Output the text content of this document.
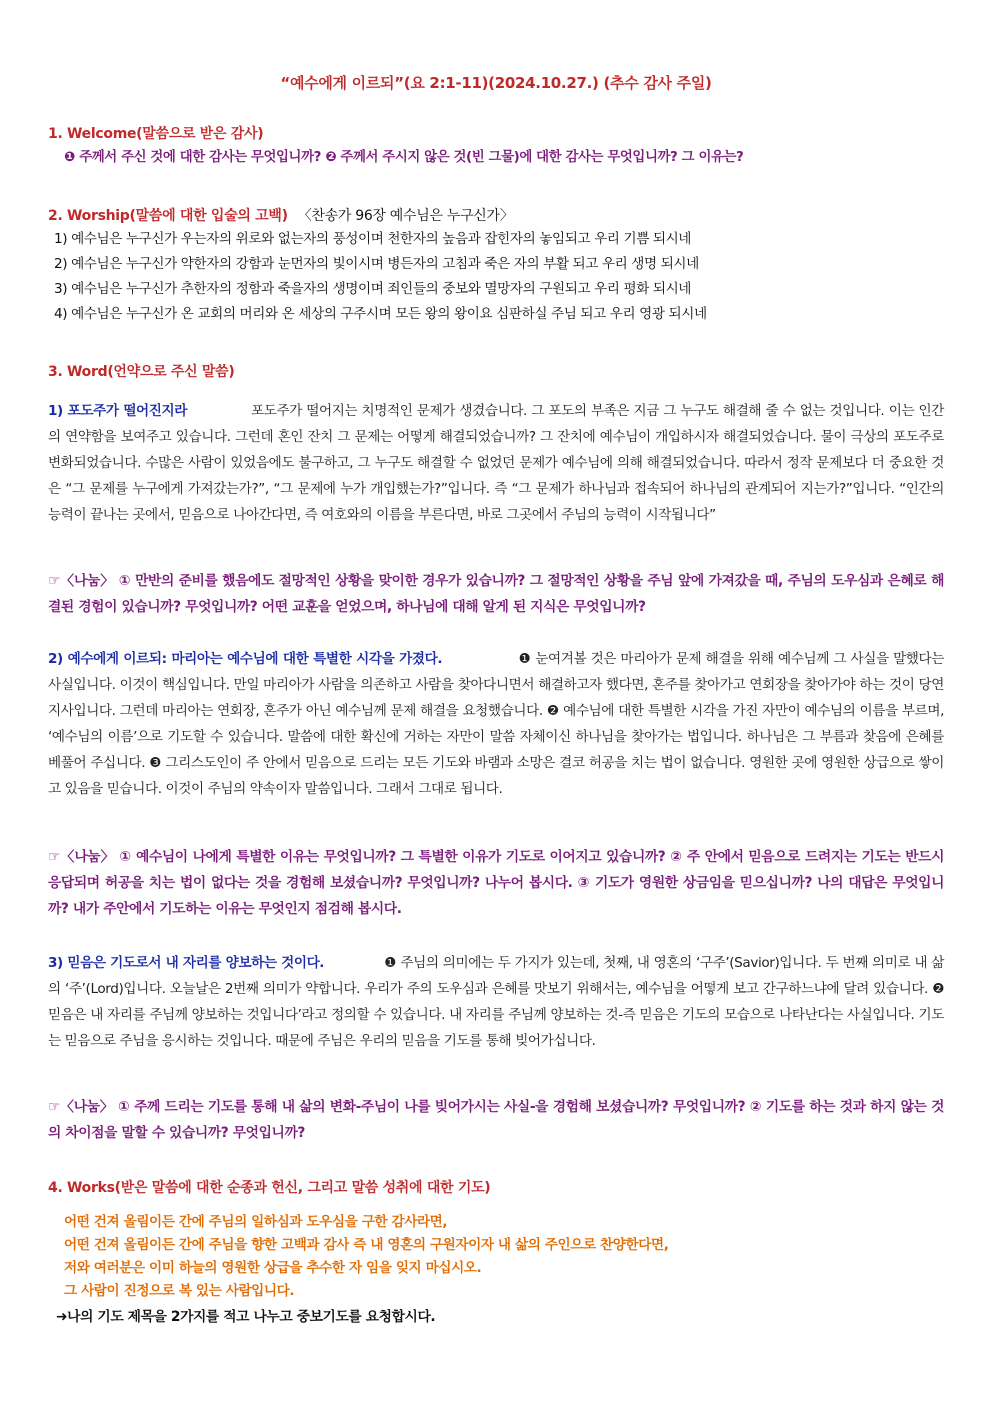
“예수에게 이르되”(요 2:1-11)(2024.10.27.) (추수 감사 주일)
1. Welcome(말씀으로 받은 감사)
❶ 주께서 주신 것에 대한 감사는 무엇입니까? ❷ 주께서 주시지 않은 것(빈 그물)에 대한 감사는 무엇입니까? 그 이유는?
2. Worship(말씀에 대한 입술의 고백) 〈찬송가 96장 예수님은 누구신가〉
1) 예수님은 누구신가 우는자의 위로와 없는자의 풍성이며 천한자의 높음과 잡힌자의 놓임되고 우리 기쁨 되시네
2) 예수님은 누구신가 약한자의 강함과 눈먼자의 빛이시며 병든자의 고침과 죽은 자의 부활 되고 우리 생명 되시네
3) 예수님은 누구신가 추한자의 정함과 죽을자의 생명이며 죄인들의 중보와 멸망자의 구원되고 우리 평화 되시네
4) 예수님은 누구신가 온 교회의 머리와 온 세상의 구주시며 모든 왕의 왕이요 심판하실 주님 되고 우리 영광 되시네
3. Word(언약으로 주신 말씀)
1) 포도주가 떨어진지라	포도주가 떨어지는 치명적인 문제가 생겼습니다. 그 포도의 부족은 지금 그 누구도 해결해 줄 수 없는 것입니다. 이는 인간의 연약함을 보여주고 있습니다. 그런데 혼인 잔치 그 문제는 어떻게 해결되었습니까? 그 잔치에 예수님이 개입하시자 해결되었습니다. 물이 극상의 포도주로 변화되었습니다. 수많은 사람이 있었음에도 불구하고, 그 누구도 해결할 수 없었던 문제가 예수님에 의해 해결되었습니다. 따라서 정작 문제보다 더 중요한 것은 “그 문제를 누구에게 가져갔는가?”, “그 문제에 누가 개입했는가?”입니다. 즉 “그 문제가 하나님과 접속되어 하나님의 관계되어 지는가?”입니다. “인간의 능력이 끝나는 곳에서, 믿음으로 나아간다면, 즉 여호와의 이름을 부른다면, 바로 그곳에서 주님의 능력이 시작됩니다”
☞〈나눔〉 ① 만반의 준비를 했음에도 절망적인 상황을 맞이한 경우가 있습니까? 그 절망적인 상황을 주님 앞에 가져갔을 때, 주님의 도우심과 은혜로 해결된 경험이 있습니까? 무엇입니까? 어떤 교훈을 얻었으며, 하나님에 대해 알게 된 지식은 무엇입니까?
2) 예수에게 이르되: 마리아는 예수님에 대한 특별한 시각을 가졌다.	❶ 눈여겨볼 것은 마리아가 문제 해결을 위해 예수님께 그 사실을 말했다는 사실입니다. 이것이 핵심입니다. 만일 마리아가 사람을 의존하고 사람을 찾아다니면서 해결하고자 했다면, 혼주를 찾아가고 연회장을 찾아가야 하는 것이 당연지사입니다. 그런데 마리아는 연회장, 혼주가 아닌 예수님께 문제 해결을 요청했습니다. ❷ 예수님에 대한 특별한 시각을 가진 자만이 예수님의 이름을 부르며, ‘예수님의 이름’으로 기도할 수 있습니다. 말씀에 대한 확신에 거하는 자만이 말씀 자체이신 하나님을 찾아가는 법입니다. 하나님은 그 부름과 찾음에 은혜를 베풀어 주십니다. ❸ 그리스도인이 주 안에서 믿음으로 드리는 모든 기도와 바램과 소망은 결코 허공을 치는 법이 없습니다. 영원한 곳에 영원한 상급으로 쌓이고 있음을 믿습니다. 이것이 주님의 약속이자 말씀입니다. 그래서 그대로 됩니다.
☞〈나눔〉 ① 예수님이 나에게 특별한 이유는 무엇입니까? 그 특별한 이유가 기도로 이어지고 있습니까? ② 주 안에서 믿음으로 드려지는 기도는 반드시 응답되며 허공을 치는 법이 없다는 것을 경험해 보셨습니까? 무엇입니까? 나누어 봅시다. ③ 기도가 영원한 상금임을 믿으십니까? 나의 대답은 무엇입니까? 내가 주안에서 기도하는 이유는 무엇인지 점검해 봅시다.
3) 믿음은 기도로서 내 자리를 양보하는 것이다.	❶ 주님의 의미에는 두 가지가 있는데, 첫째, 내 영혼의 ‘구주’(Savior)입니다. 두 번째 의미로 내 삶의 ‘주’(Lord)입니다. 오늘날은 2번째 의미가 약합니다. 우리가 주의 도우심과 은혜를 맛보기 위해서는, 예수님을 어떻게 보고 간구하느냐에 달려 있습니다. ❷ 믿음은 내 자리를 주님께 양보하는 것입니다’라고 정의할 수 있습니다. 내 자리를 주님께 양보하는 것-즉 믿음은 기도의 모습으로 나타난다는 사실입니다. 기도는 믿음으로 주님을 응시하는 것입니다. 때문에 주님은 우리의 믿음을 기도를 통해 빚어가십니다.
☞〈나눔〉 ① 주께 드리는 기도를 통해 내 삶의 변화-주님이 나를 빚어가시는 사실-을 경험해 보셨습니까? 무엇입니까? ② 기도를 하는 것과 하지 않는 것의 차이점을 말할 수 있습니까? 무엇입니까?
4. Works(받은 말씀에 대한 순종과 헌신, 그리고 말씀 성취에 대한 기도)
어떤 건져 올림이든 간에 주님의 일하심과 도우심을 구한 감사라면,
어떤 건져 올림이든 간에 주님을 향한 고백과 감사 즉 내 영혼의 구원자이자 내 삶의 주인으로 찬양한다면,
저와 여러분은 이미 하늘의 영원한 상급을 추수한 자 임을 잊지 마십시오.
그 사람이 진정으로 복 있는 사람입니다.
➜나의 기도 제목을 2가지를 적고 나누고 중보기도를 요청합시다.
